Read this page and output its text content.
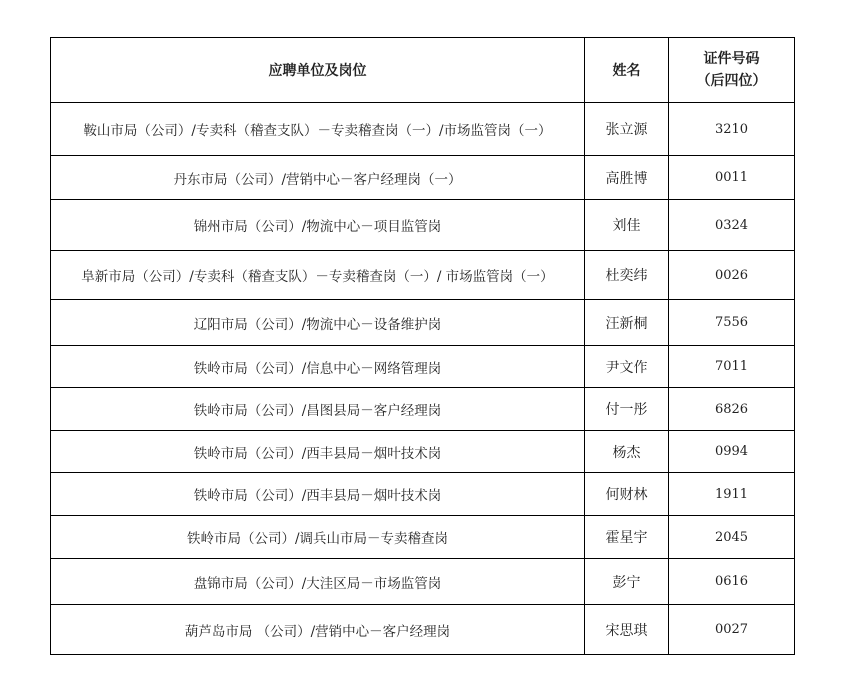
应聘单位及岗位	姓名	证件号码
（后四位）

鞍山市局（公司）/专卖科（稽查支队）－专卖稽查岗（一）/市场监管岗（一）	张立源	3210
丹东市局（公司）/营销中心－客户经理岗（一）	高胜博	0011
锦州市局（公司）/物流中心－项目监管岗	刘佳	0324
阜新市局（公司）/专卖科（稽查支队）－专卖稽查岗（一）/ 市场监管岗（一）	杜奕纬	0026
辽阳市局（公司）/物流中心－设备维护岗	汪新桐	7556
铁岭市局（公司）/信息中心－网络管理岗	尹文作	7011
铁岭市局（公司）/昌图县局－客户经理岗	付一彤	6826
铁岭市局（公司）/西丰县局－烟叶技术岗	杨杰	0994
铁岭市局（公司）/西丰县局－烟叶技术岗	何财林	1911
铁岭市局（公司）/调兵山市局－专卖稽查岗	霍星宇	2045
盘锦市局（公司）/大洼区局－市场监管岗	彭宁	0616
葫芦岛市局 （公司）/营销中心－客户经理岗	宋思琪	0027
